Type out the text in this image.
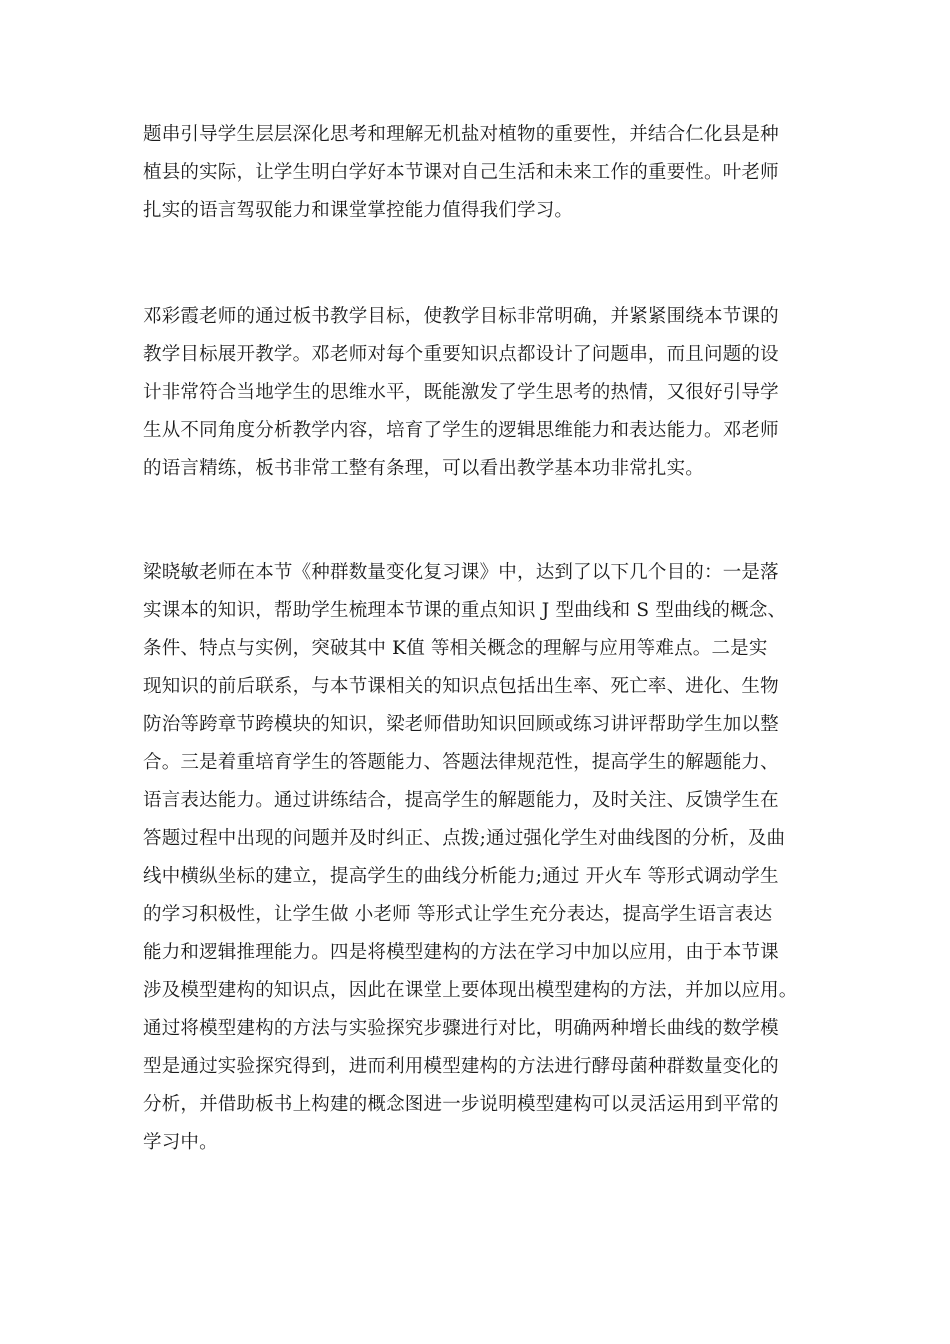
题串引导学生层层深化思考和理解无机盐对植物的重要性，并结合仁化县是种
植县的实际，让学生明白学好本节课对自己生活和未来工作的重要性。叶老师
扎实的语言驾驭能力和课堂掌控能力值得我们学习。
邓彩霞老师的通过板书教学目标，使教学目标非常明确，并紧紧围绕本节课的
教学目标展开教学。邓老师对每个重要知识点都设计了问题串，而且问题的设
计非常符合当地学生的思维水平，既能激发了学生思考的热情，又很好引导学
生从不同角度分析教学内容，培育了学生的逻辑思维能力和表达能力。邓老师
的语言精练，板书非常工整有条理，可以看出教学基本功非常扎实。
梁晓敏老师在本节《种群数量变化复习课》中，达到了以下几个目的：一是落
实课本的知识，帮助学生梳理本节课的重点知识 J 型曲线和 S 型曲线的概念、
条件、特点与实例，突破其中 K值 等相关概念的理解与应用等难点。二是实
现知识的前后联系，与本节课相关的知识点包括出生率、死亡率、进化、生物
防治等跨章节跨模块的知识，梁老师借助知识回顾或练习讲评帮助学生加以整
合。三是着重培育学生的答题能力、答题法律规范性，提高学生的解题能力、
语言表达能力。通过讲练结合，提高学生的解题能力，及时关注、反馈学生在
答题过程中出现的问题并及时纠正、点拨;通过强化学生对曲线图的分析，及曲
线中横纵坐标的建立，提高学生的曲线分析能力;通过 开火车 等形式调动学生
的学习积极性，让学生做 小老师 等形式让学生充分表达，提高学生语言表达
能力和逻辑推理能力。四是将模型建构的方法在学习中加以应用，由于本节课
涉及模型建构的知识点，因此在课堂上要体现出模型建构的方法，并加以应用。
通过将模型建构的方法与实验探究步骤进行对比，明确两种增长曲线的数学模
型是通过实验探究得到，进而利用模型建构的方法进行酵母菌种群数量变化的
分析，并借助板书上构建的概念图进一步说明模型建构可以灵活运用到平常的
学习中。
